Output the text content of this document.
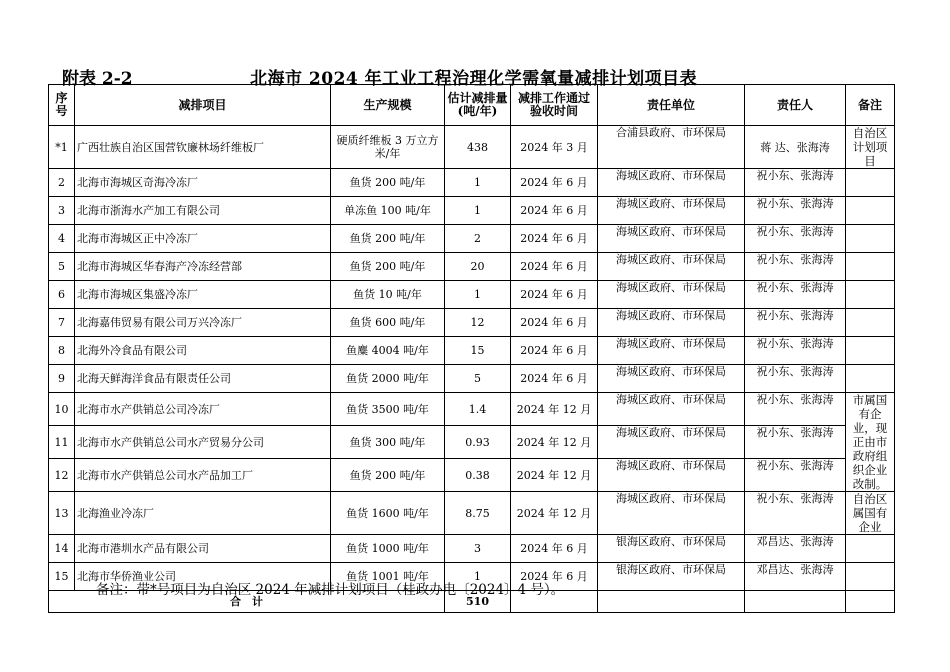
附表 2-2	北海市 2024 年工业工程治理化学需氧量减排计划项目表
序号	减排项目	生产规模	估计减排量(吨/年)	减排工作通过验收时间	责任单位	责任人	备注
*1	广西壮族自治区国营钦廉林场纤维板厂	硬质纤维板 3 万立方米/年	438	2024 年 3 月	合浦县政府、市环保局	蒋 达、张海涛	自治区计划项目
2	北海市海城区奇海冷冻厂	鱼货 200 吨/年	1	2024 年 6 月	海城区政府、市环保局	祝小东、张海涛	
3	北海市浙海水产加工有限公司	单冻鱼 100 吨/年	1	2024 年 6 月	海城区政府、市环保局	祝小东、张海涛	
4	北海市海城区正中冷冻厂	鱼货 200 吨/年	2	2024 年 6 月	海城区政府、市环保局	祝小东、张海涛	
5	北海市海城区华春海产冷冻经营部	鱼货 200 吨/年	20	2024 年 6 月	海城区政府、市环保局	祝小东、张海涛	
6	北海市海城区集盛冷冻厂	鱼货 10 吨/年	1	2024 年 6 月	海城区政府、市环保局	祝小东、张海涛	
7	北海嘉伟贸易有限公司万兴冷冻厂	鱼货 600 吨/年	12	2024 年 6 月	海城区政府、市环保局	祝小东、张海涛	
8	北海外冷食品有限公司	鱼麋 4004 吨/年	15	2024 年 6 月	海城区政府、市环保局	祝小东、张海涛	
9	北海天鲜海洋食品有限责任公司	鱼货 2000 吨/年	5	2024 年 6 月	海城区政府、市环保局	祝小东、张海涛	
10	北海市水产供销总公司冷冻厂	鱼货 3500 吨/年	1.4	2024 年 12 月	海城区政府、市环保局	祝小东、张海涛	市属国有企业，现正由市政府组织企业改制。
11	北海市水产供销总公司水产贸易分公司	鱼货 300 吨/年	0.93	2024 年 12 月	海城区政府、市环保局	祝小东、张海涛	
12	北海市水产供销总公司水产品加工厂	鱼货 200 吨/年	0.38	2024 年 12 月	海城区政府、市环保局	祝小东、张海涛	
13	北海渔业冷冻厂	鱼货 1600 吨/年	8.75	2024 年 12 月	海城区政府、市环保局	祝小东、张海涛	自治区属国有企业
14	北海市港圳水产品有限公司	鱼货 1000 吨/年	3	2024 年 6 月	银海区政府、市环保局	邓昌达、张海涛	
15	北海市华侨渔业公司	鱼货 1001 吨/年	1	2024 年 6 月	银海区政府、市环保局	邓昌达、张海涛	
合　计			510				
备注：带*号项目为自治区 2024 年减排计划项目（桂政办电〔2024〕4 号）。
